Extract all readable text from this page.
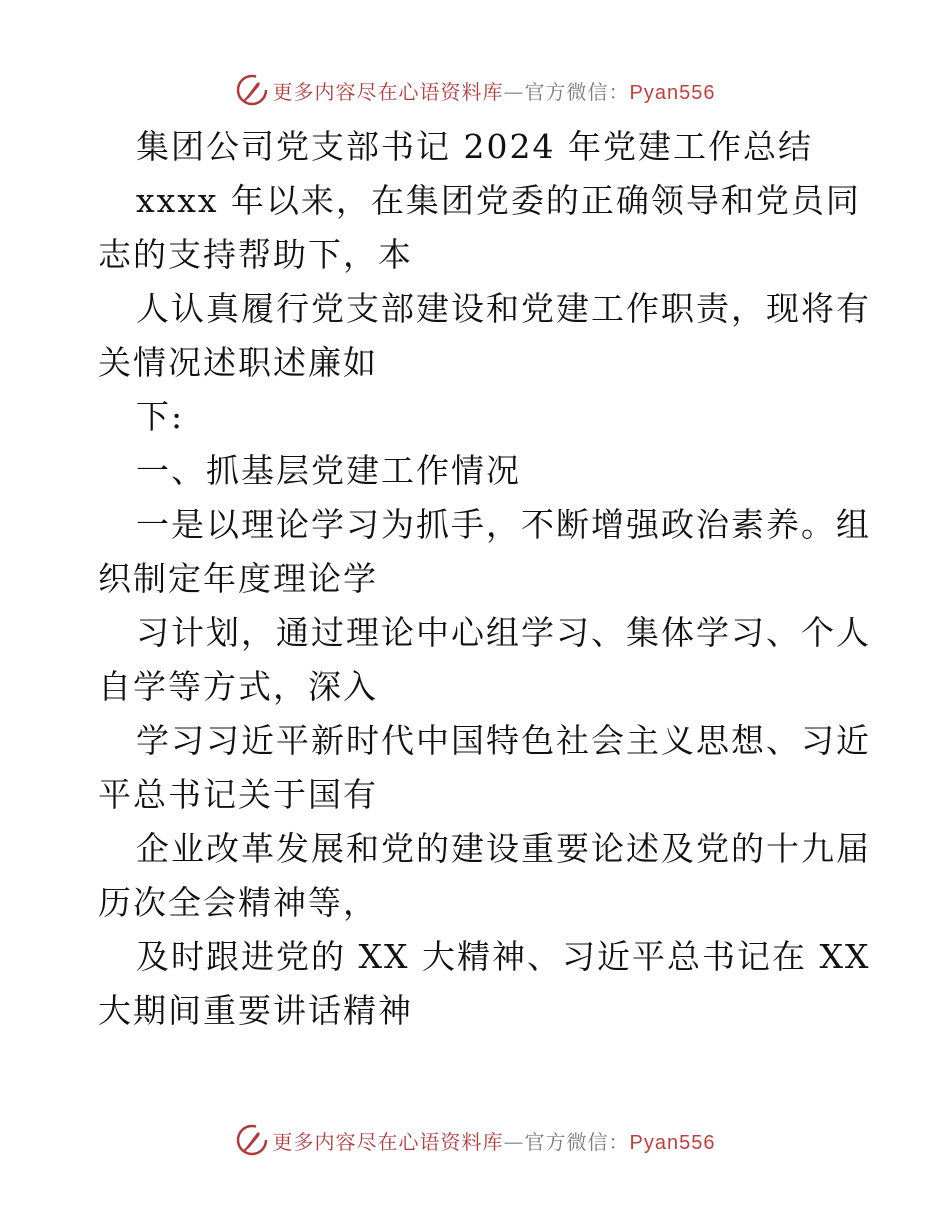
更多内容尽在心语资料库—官方微信：Pyan556
集团公司党支部书记 2024 年党建工作总结
xxxx 年以来，在集团党委的正确领导和党员同
志的支持帮助下，本
人认真履行党支部建设和党建工作职责，现将有
关情况述职述廉如
下:
一、抓基层党建工作情况
一是以理论学习为抓手，不断增强政治素养。组
织制定年度理论学
习计划，通过理论中心组学习、集体学习、个人
自学等方式，深入
学习习近平新时代中国特色社会主义思想、习近
平总书记关于国有
企业改革发展和党的建设重要论述及党的十九届
历次全会精神等，
及时跟进党的 XX 大精神、习近平总书记在 XX
大期间重要讲话精神
更多内容尽在心语资料库—官方微信：Pyan556
